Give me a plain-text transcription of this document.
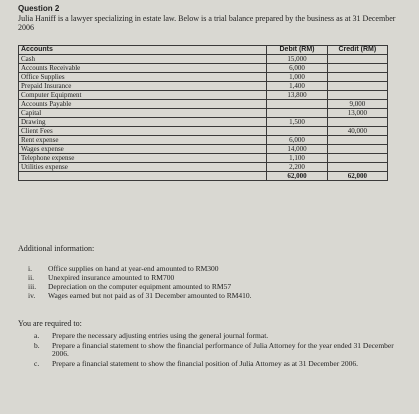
Question 2
Julia Haniff is a lawyer specializing in estate law. Below is a trial balance prepared by the business as at 31 December 2006
Accounts	Debit (RM)	Credit (RM)
Cash	15,000	
Accounts Receivable	6,000	
Office Supplies	1,000	
Prepaid Insurance	1,400	
Computer Equipment	13,800	
Accounts Payable		9,000
Capital		13,000
Drawing	1,500	
Client Fees		40,000
Rent expense	6,000	
Wages expense	14,000	
Telephone expense	1,100	
Utilities expense	2,200	
	62,000	62,000
Additional information:
i.	Office supplies on hand at year-end amounted to RM300
ii.	Unexpired insurance amounted to RM700
iii.	Depreciation on the computer equipment amounted to RM57
iv.	Wages earned but not paid as of 31 December amounted to RM410.
You are required to:
a.	Prepare the necessary adjusting entries using the general journal format.
b.	Prepare a financial statement to show the financial performance of Julia Attorney for the year ended 31 December 2006.
c.	Prepare a financial statement to show the financial position of Julia Attorney as at 31 December 2006.
